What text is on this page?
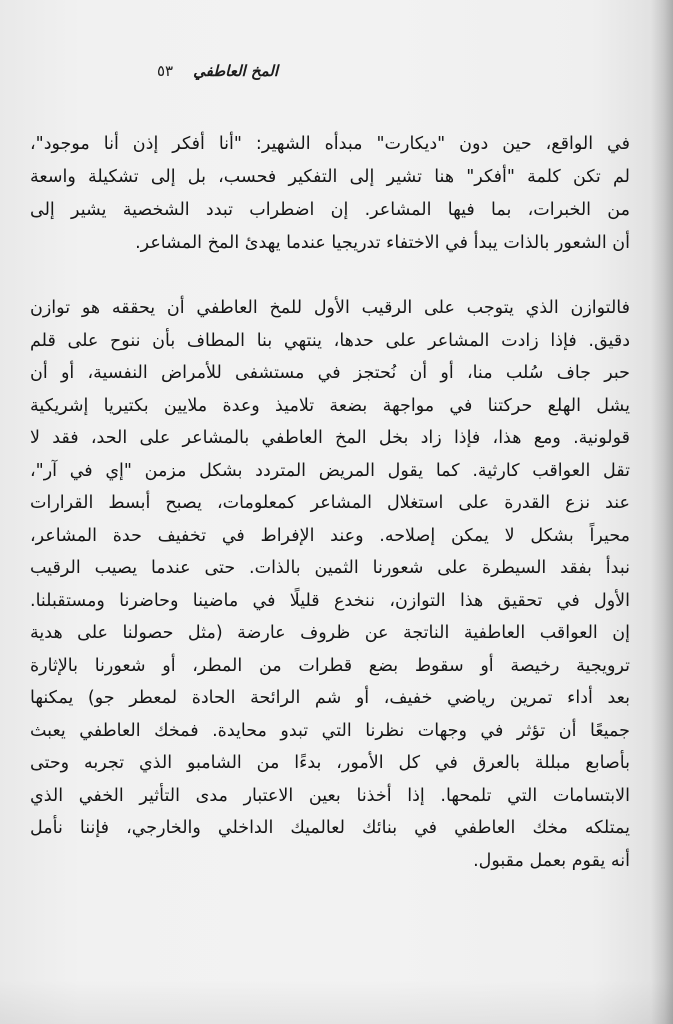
المخ العاطفي
٥٣
في الواقع، حين دون "ديكارت" مبدأه الشهير: "أنا أفكر إذن أنا موجود"،
لم تكن كلمة "أفكر" هنا تشير إلى التفكير فحسب، بل إلى تشكيلة واسعة
من الخبرات، بما فيها المشاعر. إن اضطراب تبدد الشخصية يشير إلى
أن الشعور بالذات يبدأ في الاختفاء تدريجيا عندما يهدئ المخ المشاعر.
فالتوازن الذي يتوجب على الرقيب الأول للمخ العاطفي أن يحققه هو توازن
دقيق. فإذا زادت المشاعر على حدها، ينتهي بنا المطاف بأن ننوح على قلم
حبر جاف سُلب منا، أو أن نُحتجز في مستشفى للأمراض النفسية، أو أن
يشل الهلع حركتنا في مواجهة بضعة تلاميذ وعدة ملايين بكتيريا إشريكية
قولونية. ومع هذا، فإذا زاد بخل المخ العاطفي بالمشاعر على الحد، فقد لا
تقل العواقب كارثية. كما يقول المريض المتردد بشكل مزمن "إي في آر"،
عند نزع القدرة على استغلال المشاعر كمعلومات، يصبح أبسط القرارات
محيراً بشكل لا يمكن إصلاحه. وعند الإفراط في تخفيف حدة المشاعر،
نبدأ بفقد السيطرة على شعورنا الثمين بالذات. حتى عندما يصيب الرقيب
الأول في تحقيق هذا التوازن، ننخدع قليلًا في ماضينا وحاضرنا ومستقبلنا.
إن العواقب العاطفية الناتجة عن ظروف عارضة (مثل حصولنا على هدية
ترويجية رخيصة أو سقوط بضع قطرات من المطر، أو شعورنا بالإثارة
بعد أداء تمرين رياضي خفيف، أو شم الرائحة الحادة لمعطر جو) يمكنها
جميعًا أن تؤثر في وجهات نظرنا التي تبدو محايدة. فمخك العاطفي يعبث
بأصابع مبللة بالعرق في كل الأمور، بدءًا من الشامبو الذي تجربه وحتى
الابتسامات التي تلمحها. إذا أخذنا بعين الاعتبار مدى التأثير الخفي الذي
يمتلكه مخك العاطفي في بنائك لعالميك الداخلي والخارجي، فإننا نأمل
أنه يقوم بعمل مقبول.
